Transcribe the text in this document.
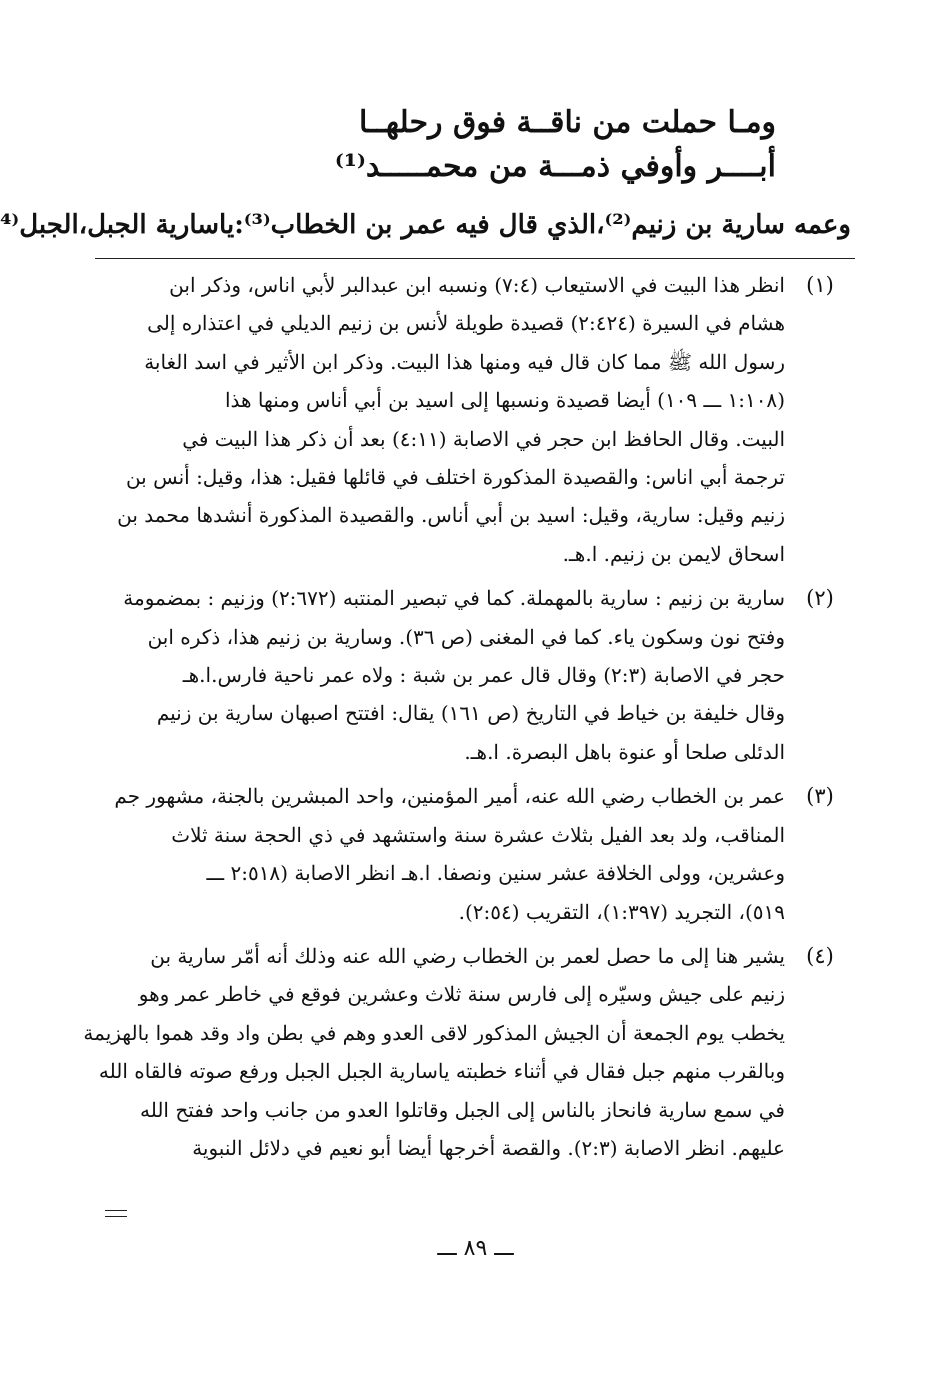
ومـا حملت من ناقــة فوق رحلهــا
أبــــر وأوفي ذمـــة من محمـــــد⁽¹⁾
وعمه سارية بن زنيم⁽²⁾،الذي قال فيه عمر بن الخطاب⁽³⁾:ياسارية الجبل،الجبل⁽⁴
(١)
انظر هذا البيت في الاستيعاب (٧:٤) ونسبه ابن عبدالبر لأبي اناس، وذكر ابن
هشام في السيرة (٢:٤٢٤) قصيدة طويلة لأنس بن زنيم الديلي في اعتذاره إلى
رسول الله ﷺ مما كان قال فيه ومنها هذا البيت. وذكر ابن الأثير في اسد الغابة
(١:١٠٨ ـــ ١٠٩) أيضا قصيدة ونسبها إلى اسيد بن أبي أناس ومنها هذا
البيت. وقال الحافظ ابن حجر في الاصابة (٤:١١) بعد أن ذكر هذا البيت في
ترجمة أبي اناس: والقصيدة المذكورة اختلف في قائلها فقيل: هذا، وقيل: أنس بن
زنيم وقيل: سارية، وقيل: اسيد بن أبي أناس. والقصيدة المذكورة أنشدها محمد بن
اسحاق لايمن بن زنيم. ا.هـ.
(٢)
سارية بن زنيم : سارية بالمهملة. كما في تبصير المنتبه (٢:٦٧٢) وزنيم : بمضمومة
وفتح نون وسكون ياء. كما في المغنى (ص ٣٦). وسارية بن زنيم هذا، ذكره ابن
حجر في الاصابة (٢:٣) وقال قال عمر بن شبة : ولاه عمر ناحية فارس.ا.هـ
وقال خليفة بن خياط في التاريخ (ص ١٦١) يقال: افتتح اصبهان سارية بن زنيم
الدئلى صلحا أو عنوة باهل البصرة. ا.هـ.
(٣)
عمر بن الخطاب رضي الله عنه، أمير المؤمنين، واحد المبشرين بالجنة، مشهور جم
المناقب، ولد بعد الفيل بثلاث عشرة سنة واستشهد في ذي الحجة سنة ثلاث
وعشرين، وولى الخلافة عشر سنين ونصفا. ا.هـ انظر الاصابة (٢:٥١٨ ـــ
٥١٩)، التجريد (١:٣٩٧)، التقريب (٢:٥٤).
(٤)
يشير هنا إلى ما حصل لعمر بن الخطاب رضي الله عنه وذلك أنه أمّر سارية بن
زنيم على جيش وسيّره إلى فارس سنة ثلاث وعشرين فوقع في خاطر عمر وهو
يخطب يوم الجمعة أن الجيش المذكور لاقى العدو وهم في بطن واد وقد هموا بالهزيمة
وبالقرب منهم جبل فقال في أثناء خطبته ياسارية الجبل الجبل ورفع صوته فالقاه الله
في سمع سارية فانحاز بالناس إلى الجبل وقاتلوا العدو من جانب واحد ففتح الله
عليهم. انظر الاصابة (٢:٣). والقصة أخرجها أيضا أبو نعيم في دلائل النبوية
ـــ ٨٩ ـــ
